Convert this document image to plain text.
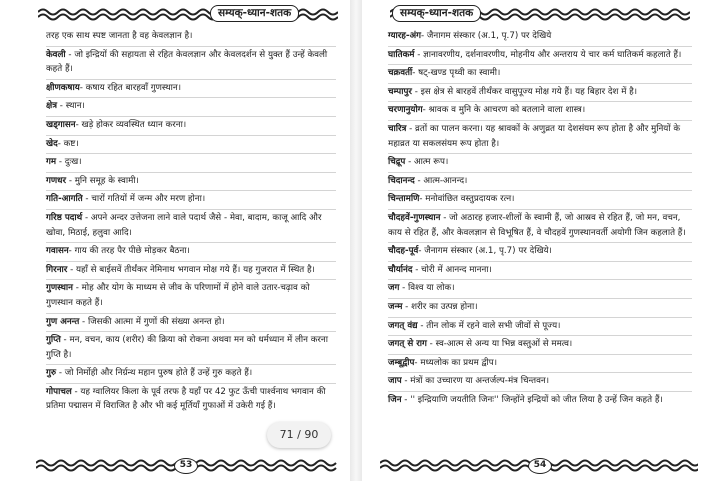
सम्यक्-ध्यान-शतक
तरह एक साथ स्पष्ट जानता है वह केवलज्ञान है।
केवली - जो इन्द्रियों की सहायता से रहित केवलज्ञान और केवलदर्शन से युक्त हैं उन्हें केवली कहते हैं।
क्षीणकषाय- कषाय रहित बारहवाँ गुणस्थान।
क्षेत्र - स्थान।
खड्गासन- खड़े होकर व्यवस्थित ध्यान करना।
खेद- कष्ट।
गम - दुःख।
गणधर - मुनि समूह के स्वामी।
गति-आगति - चारों गतियों में जन्म और मरण होना।
गरिष्ठ पदार्थ - अपने अन्दर उत्तेजना लाने वाले पदार्थ जैसे - मेवा, बादाम, काजू आदि और खोवा, मिठाई, हलुवा आदि।
गवासन- गाय की तरह पैर पीछे मोड़कर बैठना।
गिरनार - यहाँ से बाईसवें तीर्थंकर नेमिनाथ भगवान मोक्ष गये हैं। यह गुजरात में स्थित है।
गुणस्थान - मोह और योग के माध्यम से जीव के परिणामों में होने वाले उतार-चढ़ाव को गुणस्थान कहते हैं।
गुण अनन्त - जिसकी आत्मा में गुणों की संख्या अनन्त हो।
गुप्ति - मन, वचन, काय (शरीर) की क्रिया को रोकना अथवा मन को धर्मध्यान में लीन करना गुप्ति है।
गुरु - जो निर्मोही और निर्ग्रन्थ महान पुरुष होते हैं उन्हें गुरु कहते हैं।
गोपाचल - यह ग्वालियर किला के पूर्व तरफ है यहाँ पर 42 फुट ऊँची पार्श्वनाथ भगवान की प्रतिमा पद्मासन में विराजित है और भी कई मूर्तियाँ गुफाओं में उकेरी गई हैं।
53
सम्यक्-ध्यान-शतक
ग्यारह-अंग- जैनागम संस्कार (अ.1, पृ.7) पर देखिये
घातिकर्म - ज्ञानावरणीय, दर्शनावरणीय, मोहनीय और अन्तराय ये चार कर्म घातिकर्म कहलाते हैं।
चक्रवर्ती- षट्-खण्ड पृथ्वी का स्वामी।
चम्पापुर - इस क्षेत्र से बारहवें तीर्थंकर वासुपूज्य मोक्ष गये हैं। यह बिहार देश में है।
चरणानुयोग- श्रावक व मुनि के आचरण को बतलाने वाला शास्त्र।
चारित्र - व्रतों का पालन करना। यह श्रावकों के अणुव्रत या देशसंयम रूप होता है और मुनियों के महाव्रत या सकलसंयम रूप होता है।
चिद्रूप - आत्म रूप।
चिदानन्द - आत्म-आनन्द।
चिन्तामणि- मनोवांछित वस्तुप्रदायक रत्न।
चौदहवें-गुणस्थान - जो अठारह हजार-शीलों के स्वामी हैं, जो आस्रव से रहित हैं, जो मन, वचन, काय से रहित हैं, और केवलज्ञान से विभूषित हैं, वे चौदहवें गुणस्थानवर्ती अयोगी जिन कहलाते हैं।
चौदह-पूर्व- जैनागम संस्कार (अ.1, पृ.7) पर देखिये।
चौर्यानंद - चोरी में आनन्द मानना।
जग - विश्व या लोक।
जन्म - शरीर का उत्पन्न होना।
जगत् वंद्य - तीन लोक में रहने वाले सभी जीवों से पूज्य।
जगत् से राग - स्व-आत्म से अन्य या भिन्न वस्तुओं से ममत्व।
जम्बूद्वीप- मध्यलोक का प्रथम द्वीप।
जाप - मंत्रों का उच्चारण या अन्तर्जल्प-मंत्र चिन्तवन।
जिन - '' इन्द्रियाणि जयतीति जिनः'' जिन्होंने इन्द्रियों को जीत लिया है उन्हें जिन कहते हैं।
54
71 / 90
